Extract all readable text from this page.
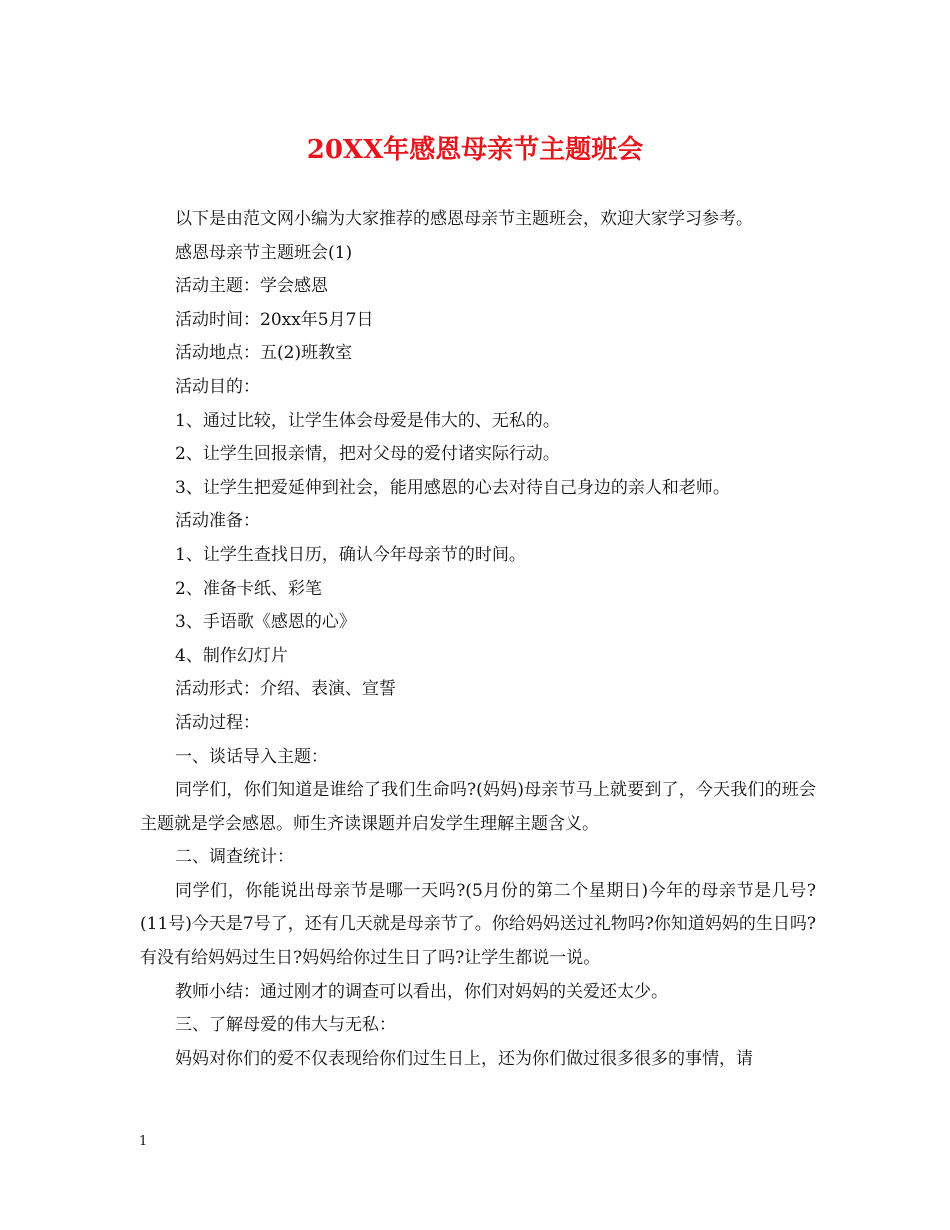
20XX年感恩母亲节主题班会
以下是由范文网小编为大家推荐的感恩母亲节主题班会，欢迎大家学习参考。
感恩母亲节主题班会(1)
活动主题：学会感恩
活动时间：20xx年5月7日
活动地点：五(2)班教室
活动目的：
1、通过比较，让学生体会母爱是伟大的、无私的。
2、让学生回报亲情，把对父母的爱付诸实际行动。
3、让学生把爱延伸到社会，能用感恩的心去对待自己身边的亲人和老师。
活动准备：
1、让学生查找日历，确认今年母亲节的时间。
2、准备卡纸、彩笔
3、手语歌《感恩的心》
4、制作幻灯片
活动形式：介绍、表演、宣誓
活动过程：
一、谈话导入主题：
同学们，你们知道是谁给了我们生命吗?(妈妈)母亲节马上就要到了，今天我们的班会主题就是学会感恩。师生齐读课题并启发学生理解主题含义。
二、调查统计：
同学们，你能说出母亲节是哪一天吗?(5月份的第二个星期日)今年的母亲节是几号?(11号)今天是7号了，还有几天就是母亲节了。你给妈妈送过礼物吗?你知道妈妈的生日吗?有没有给妈妈过生日?妈妈给你过生日了吗?让学生都说一说。
教师小结：通过刚才的调查可以看出，你们对妈妈的关爱还太少。
三、了解母爱的伟大与无私：
妈妈对你们的爱不仅表现给你们过生日上，还为你们做过很多很多的事情，请
1
